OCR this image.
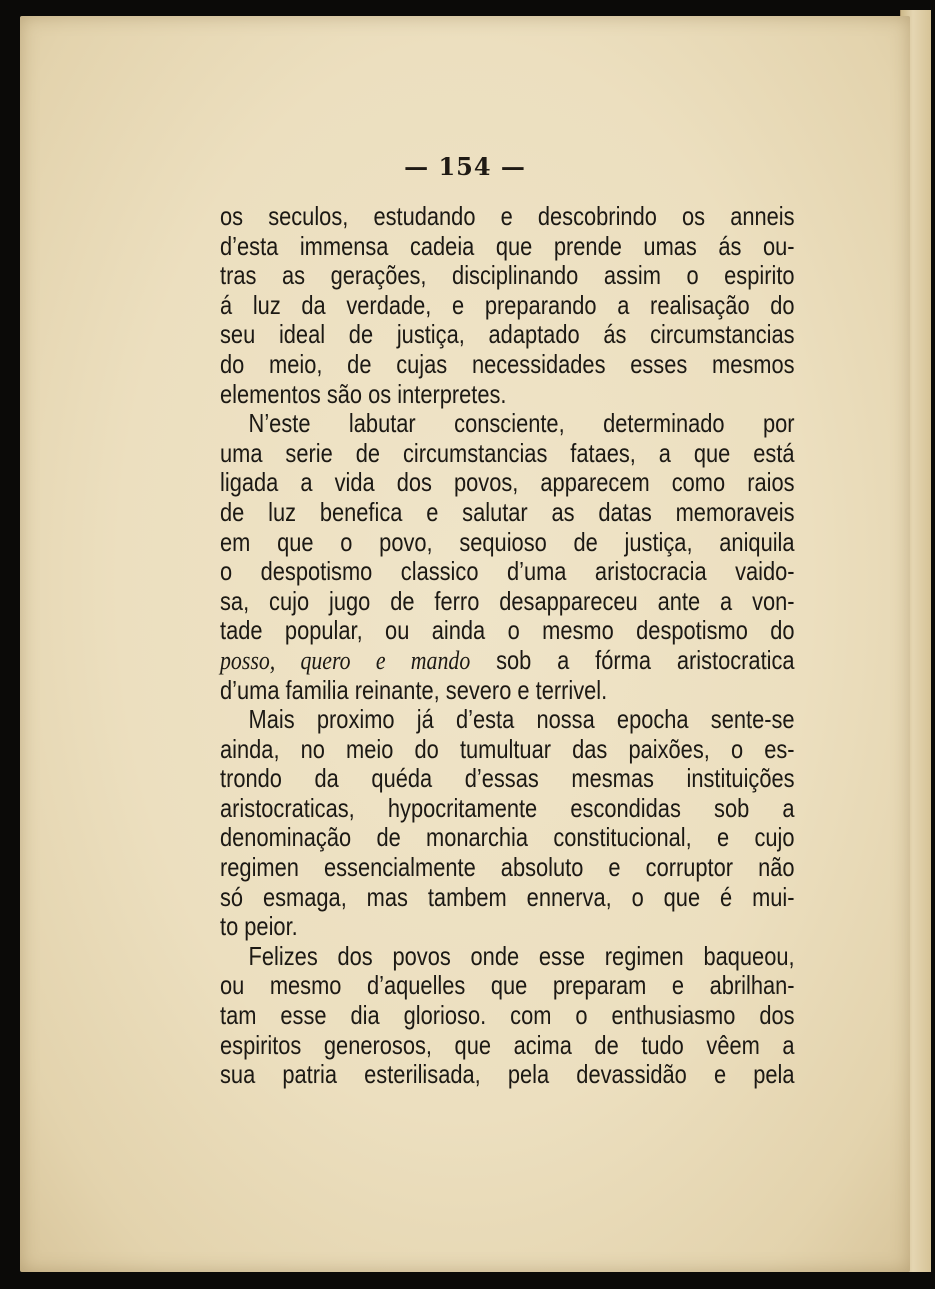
— 154 —
os seculos, estudando e descobrindo os anneis
d’esta immensa cadeia que prende umas ás ou-
tras as gerações, disciplinando assim o espirito
á luz da verdade, e preparando a realisação do
seu ideal de justiça, adaptado ás circumstancias
do meio, de cujas necessidades esses mesmos
elementos são os interpretes.
N’este labutar consciente, determinado por
uma serie de circumstancias fataes, a que está
ligada a vida dos povos, apparecem como raios
de luz benefica e salutar as datas memoraveis
em que o povo, sequioso de justiça, aniquila
o despotismo classico d’uma aristocracia vaido-
sa, cujo jugo de ferro desappareceu ante a von-
tade popular, ou ainda o mesmo despotismo do
posso, quero e mando sob a fórma aristocratica
d’uma familia reinante, severo e terrivel.
Mais proximo já d’esta nossa epocha sente-se
ainda, no meio do tumultuar das paixões, o es-
trondo da quéda d’essas mesmas instituições
aristocraticas, hypocritamente escondidas sob a
denominação de monarchia constitucional, e cujo
regimen essencialmente absoluto e corruptor não
só esmaga, mas tambem ennerva, o que é mui-
to peior.
Felizes dos povos onde esse regimen baqueou,
ou mesmo d’aquelles que preparam e abrilhan-
tam esse dia glorioso. com o enthusiasmo dos
espiritos generosos, que acima de tudo vêem a
sua patria esterilisada, pela devassidão e pela
